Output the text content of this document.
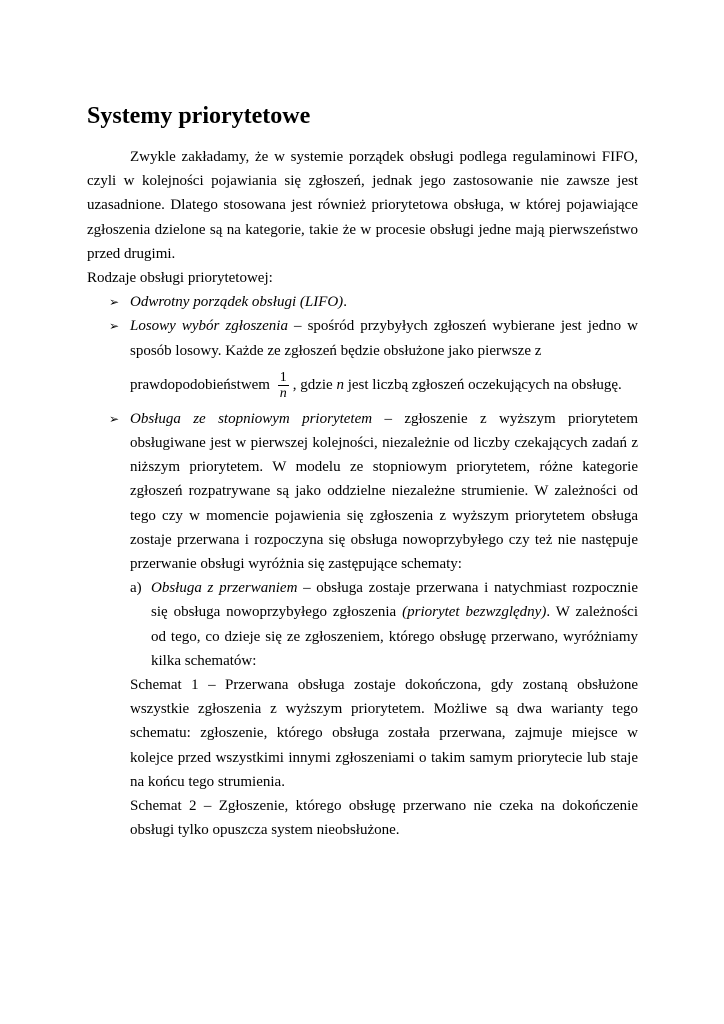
Systemy priorytetowe

Zwykle zakładamy, że w systemie porządek obsługi podlega regulaminowi FIFO, czyli w kolejności pojawiania się zgłoszeń, jednak jego zastosowanie nie zawsze jest uzasadnione. Dlatego stosowana jest również priorytetowa obsługa, w której pojawiające zgłoszenia dzielone są na kategorie, takie że w procesie obsługi jedne mają pierwszeństwo przed drugimi.

Rodzaje obsługi priorytetowej:

➢ Odwrotny porządek obsługi (LIFO).
➢ Losowy wybór zgłoszenia – spośród przybyłych zgłoszeń wybierane jest jedno w sposób losowy. Każde ze zgłoszeń będzie obsłużone jako pierwsze z
prawdopodobieństwem $\frac{1}{n}$ , gdzie n jest liczbą zgłoszeń oczekujących na obsługę.
➢ Obsługa ze stopniowym priorytetem – zgłoszenie z wyższym priorytetem obsługiwane jest w pierwszej kolejności, niezależnie od liczby czekających zadań z niższym priorytetem. W modelu ze stopniowym priorytetem, różne kategorie zgłoszeń rozpatrywane są jako oddzielne niezależne strumienie. W zależności od tego czy w momencie pojawienia się zgłoszenia z wyższym priorytetem obsługa zostaje przerwana i rozpoczyna się obsługa nowoprzybyłego czy też nie następuje przerwanie obsługi wyróżnia się zastępujące schematy:
a) Obsługa z przerwaniem – obsługa zostaje przerwana i natychmiast rozpocznie się obsługa nowoprzybyłego zgłoszenia (priorytet bezwzględny). W zależności od tego, co dzieje się ze zgłoszeniem, którego obsługę przerwano, wyróżniamy kilka schematów:

Schemat 1 – Przerwana obsługa zostaje dokończona, gdy zostaną obsłużone wszystkie zgłoszenia z wyższym priorytetem. Możliwe są dwa warianty tego schematu: zgłoszenie, którego obsługa została przerwana, zajmuje miejsce w kolejce przed wszystkimi innymi zgłoszeniami o takim samym priorytecie lub staje na końcu tego strumienia.

Schemat 2 – Zgłoszenie, którego obsługę przerwano nie czeka na dokończenie obsługi tylko opuszcza system nieobsłużone.
